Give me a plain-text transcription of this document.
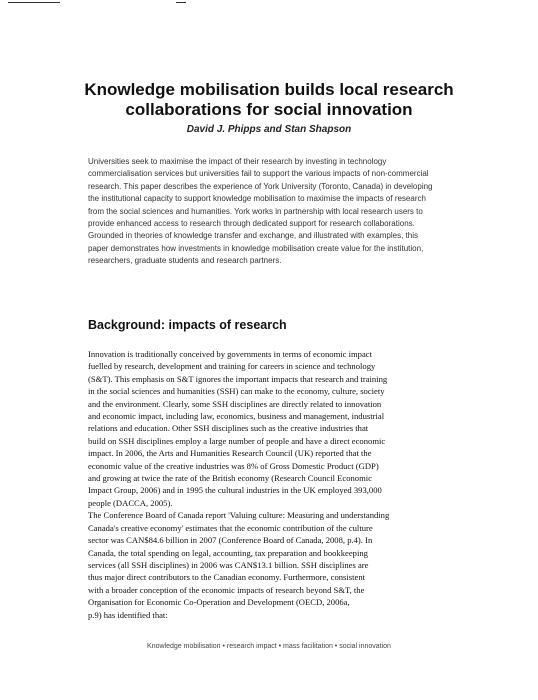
Knowledge mobilisation builds local research
collaborations for social innovation
David J. Phipps and Stan Shapson
Universities seek to maximise the impact of their research by investing in technology
commercialisation services but universities fail to support the various impacts of non-commercial
research. This paper describes the experience of York University (Toronto, Canada) in developing
the institutional capacity to support knowledge mobilisation to maximise the impacts of research
from the social sciences and humanities. York works in partnership with local research users to
provide enhanced access to research through dedicated support for research collaborations.
Grounded in theories of knowledge transfer and exchange, and illustrated with examples, this
paper demonstrates how investments in knowledge mobilisation create value for the institution,
researchers, graduate students and research partners.
Background: impacts of research
Innovation is traditionally conceived by governments in terms of economic impact
fuelled by research, development and training for careers in science and technology
(S&T). This emphasis on S&T ignores the important impacts that research and training
in the social sciences and humanities (SSH) can make to the economy, culture, society
and the environment. Clearly, some SSH disciplines are directly related to innovation
and economic impact, including law, economics, business and management, industrial
relations and education. Other SSH disciplines such as the creative industries that
build on SSH disciplines employ a large number of people and have a direct economic
impact. In 2006, the Arts and Humanities Research Council (UK) reported that the
economic value of the creative industries was 8% of Gross Domestic Product (GDP)
and growing at twice the rate of the British economy (Research Council Economic
Impact Group, 2006) and in 1995 the cultural industries in the UK employed 393,000
people (DACCA, 2005).
The Conference Board of Canada report 'Valuing culture: Measuring and understanding
Canada's creative economy' estimates that the economic contribution of the culture
sector was CAN$84.6 billion in 2007 (Conference Board of Canada, 2008, p.4). In
Canada, the total spending on legal, accounting, tax preparation and bookkeeping
services (all SSH disciplines) in 2006 was CAN$13.1 billion. SSH disciplines are
thus major direct contributors to the Canadian economy. Furthermore, consistent
with a broader conception of the economic impacts of research beyond S&T, the
Organisation for Economic Co-Operation and Development (OECD, 2006a,
p.9) has identified that:
Knowledge mobilisation • research impact • mass facilitation • social innovation
